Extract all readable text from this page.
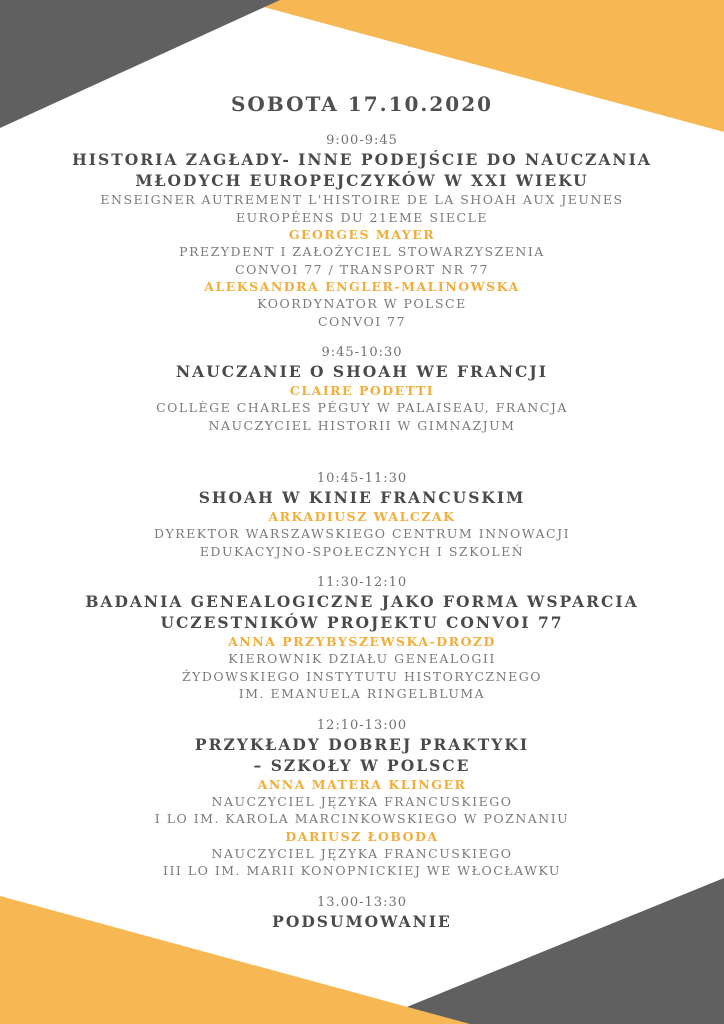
SOBOTA 17.10.2020
9:00-9:45
HISTORIA ZAGŁADY- INNE PODEJŚCIE DO NAUCZANIA
MŁODYCH EUROPEJCZYKÓW W XXI WIEKU
ENSEIGNER AUTREMENT L'HISTOIRE DE LA SHOAH AUX JEUNES
EUROPÉENS DU 21EME SIECLE
GEORGES MAYER
PREZYDENT I ZAŁOŻYCIEL STOWARZYSZENIA
CONVOI 77 / TRANSPORT NR 77
ALEKSANDRA ENGLER-MALINOWSKA
KOORDYNATOR W POLSCE
CONVOI 77
9:45-10:30
NAUCZANIE O SHOAH WE FRANCJI
CLAIRE PODETTI
COLLÈGE CHARLES PÉGUY W PALAISEAU, FRANCJA
NAUCZYCIEL HISTORII W GIMNAZJUM
10:45-11:30
SHOAH W KINIE FRANCUSKIM
ARKADIUSZ WALCZAK
DYREKTOR WARSZAWSKIEGO CENTRUM INNOWACJI
EDUKACYJNO-SPOŁECZNYCH I SZKOLEŃ
11:30-12:10
BADANIA GENEALOGICZNE JAKO FORMA WSPARCIA
UCZESTNIKÓW PROJEKTU CONVOI 77
ANNA PRZYBYSZEWSKA-DROZD
KIEROWNIK DZIAŁU GENEALOGII
ŻYDOWSKIEGO INSTYTUTU HISTORYCZNEGO
IM. EMANUELA RINGELBLUMA
12:10-13:00
PRZYKŁADY DOBREJ PRAKTYKI
– SZKOŁY W POLSCE
ANNA MATERA KLINGER
NAUCZYCIEL JĘZYKA FRANCUSKIEGO
I LO IM. KAROLA MARCINKOWSKIEGO W POZNANIU
DARIUSZ ŁOBODA
NAUCZYCIEL JĘZYKA FRANCUSKIEGO
III LO IM. MARII KONOPNICKIEJ WE WŁOCŁAWKU
13.00-13:30
PODSUMOWANIE
